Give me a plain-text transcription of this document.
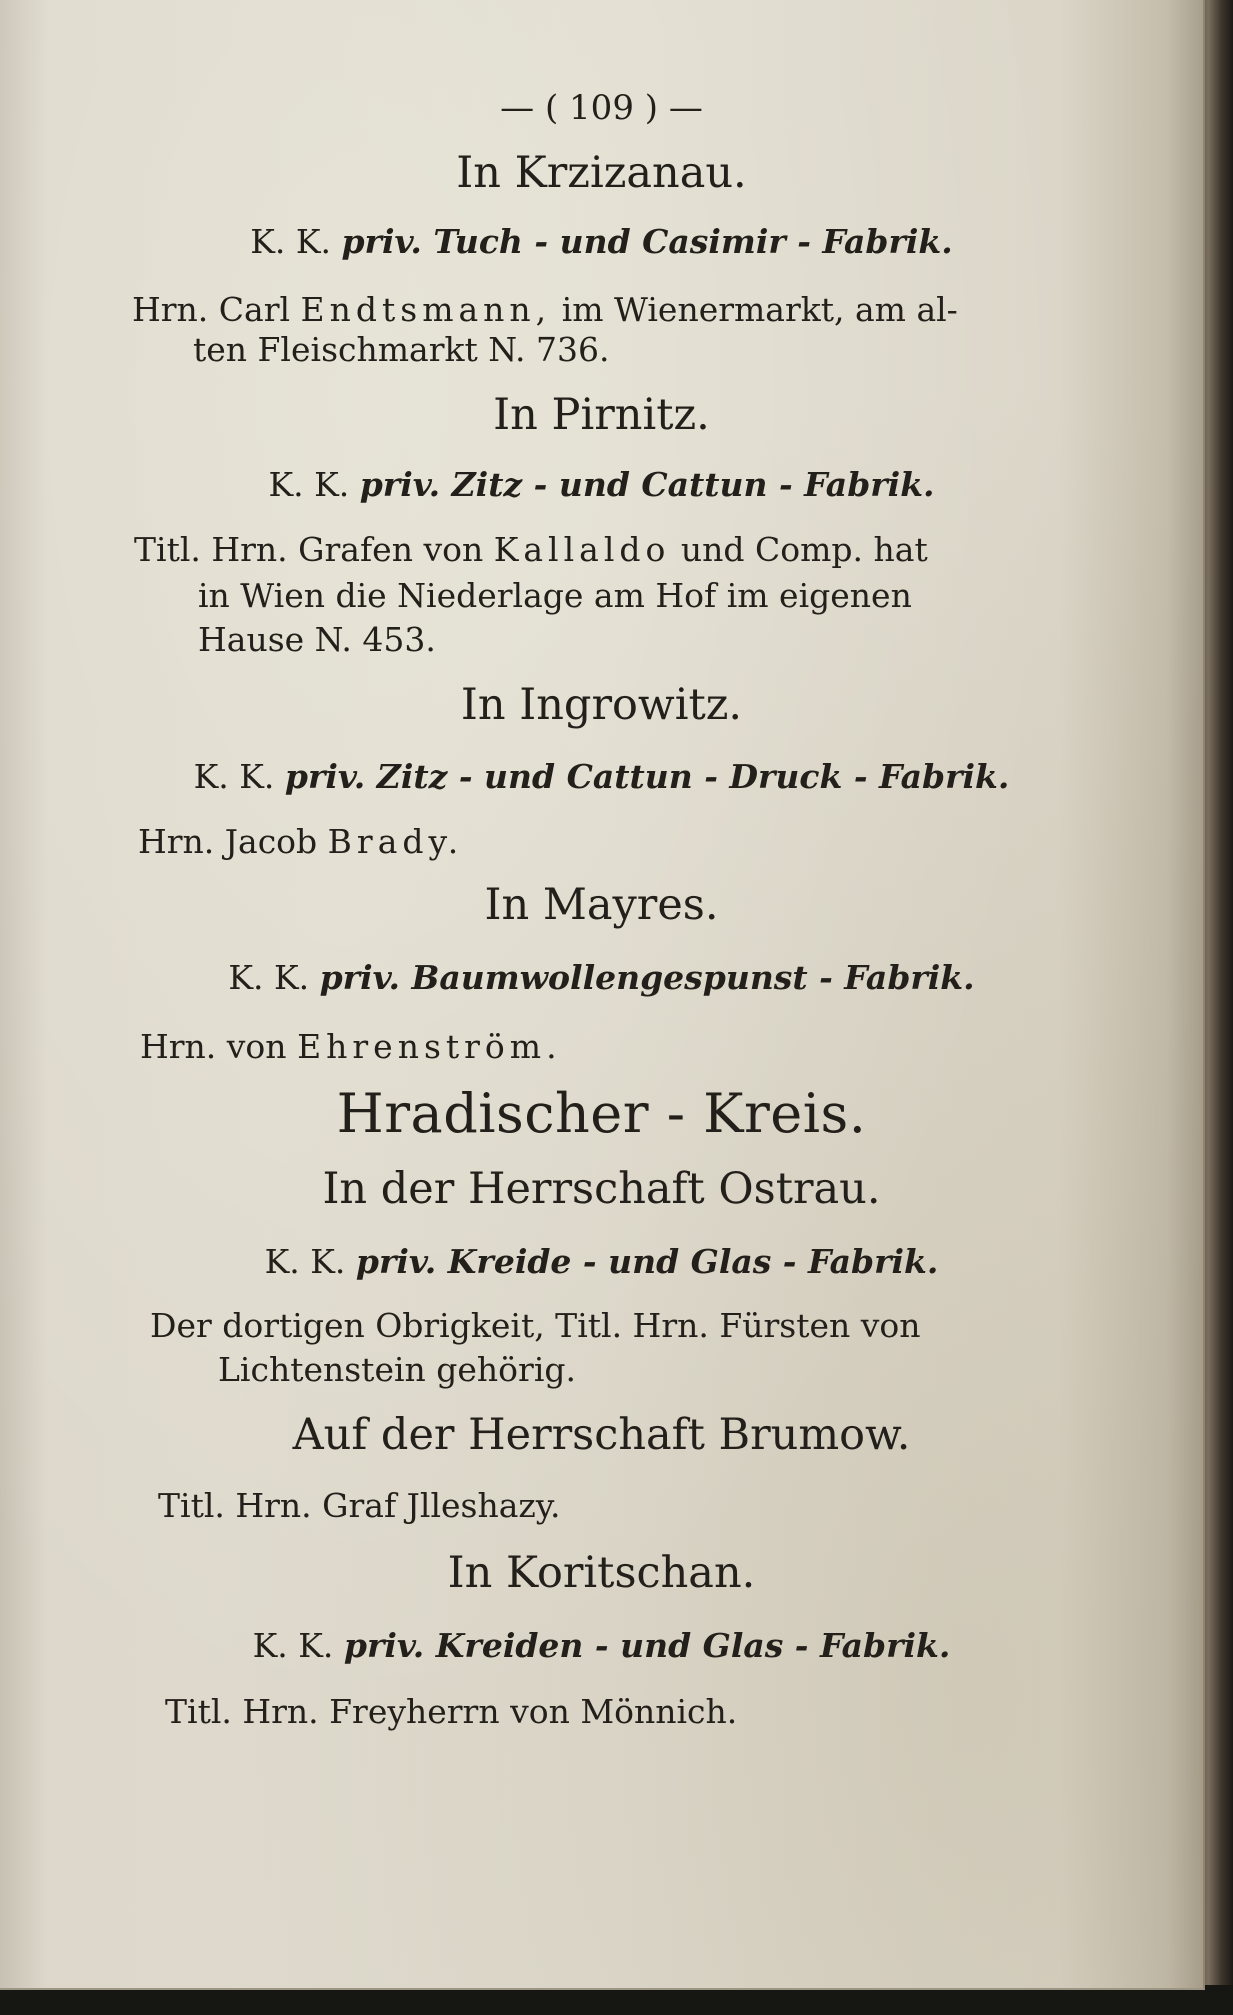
— ( 109 ) —
In Krzizanau.
K. K. priv. Tuch - und Casimir - Fabrik.
Hrn. Carl Endtsmann, im Wienermarkt, am al-
ten Fleischmarkt N. 736.
In Pirnitz.
K. K. priv. Zitz - und Cattun - Fabrik.
Titl. Hrn. Grafen von Kallaldo und Comp. hat
in Wien die Niederlage am Hof im eigenen
Hause N. 453.
In Ingrowitz.
K. K. priv. Zitz - und Cattun - Druck - Fabrik.
Hrn. Jacob Brady.
In Mayres.
K. K. priv. Baumwollengespunst - Fabrik.
Hrn. von Ehrenström.
Hradischer - Kreis.
In der Herrschaft Ostrau.
K. K. priv. Kreide - und Glas - Fabrik.
Der dortigen Obrigkeit, Titl. Hrn. Fürsten von
Lichtenstein gehörig.
Auf der Herrschaft Brumow.
Titl. Hrn. Graf Jlleshazy.
In Koritschan.
K. K. priv. Kreiden - und Glas - Fabrik.
Titl. Hrn. Freyherrn von Mönnich.
